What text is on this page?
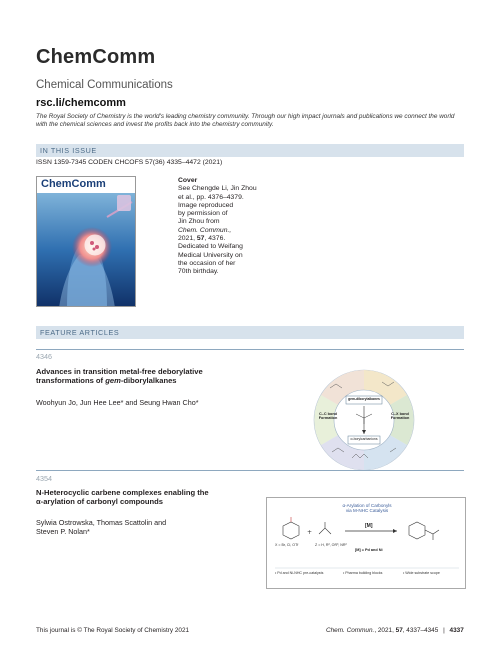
ChemComm
Chemical Communications
rsc.li/chemcomm
The Royal Society of Chemistry is the world's leading chemistry community. Through our high impact journals and publications we connect the world with the chemical sciences and invest the profits back into the chemistry community.
IN THIS ISSUE
ISSN 1359-7345 CODEN CHCOFS 57(36) 4335–4472 (2021)
ChemComm	Cover
See Chengde Li, Jin Zhou
et al., pp. 4376–4379.
Image reproduced
by permission of
Jin Zhou from
Chem. Commun.,
2021, 57, 4376.
Dedicated to Weifang
Medical University on
the occasion of her
70th birthday.
FEATURE ARTICLES
4346
Advances in transition metal-free deborylative
transformations of gem-diborylalkanes
Woohyun Jo, Jun Hee Lee* and Seung Hwan Cho*	gem-diborylalkanes
α-borylcarbanions
C–C bond
Formation
C–X bond
Formation
4354
N-Heterocyclic carbene complexes enabling the
α-arylation of carbonyl compounds
Sylwia Ostrowska, Thomas Scattolin and
Steven P. Nolan*
α-Arylation of Carbonyls
via M-NHC Catalysis
+
X = Br, Cl, OTf	Z = H, R², OR³, NR²
[M]
[M] = Pd and Ni
• Pd and Ni-NHC pre-catalysts	• Pharma building blocks	• Wide substrate scope
This journal is © The Royal Society of Chemistry 2021	Chem. Commun., 2021, 57, 4337–4345 | 4337
